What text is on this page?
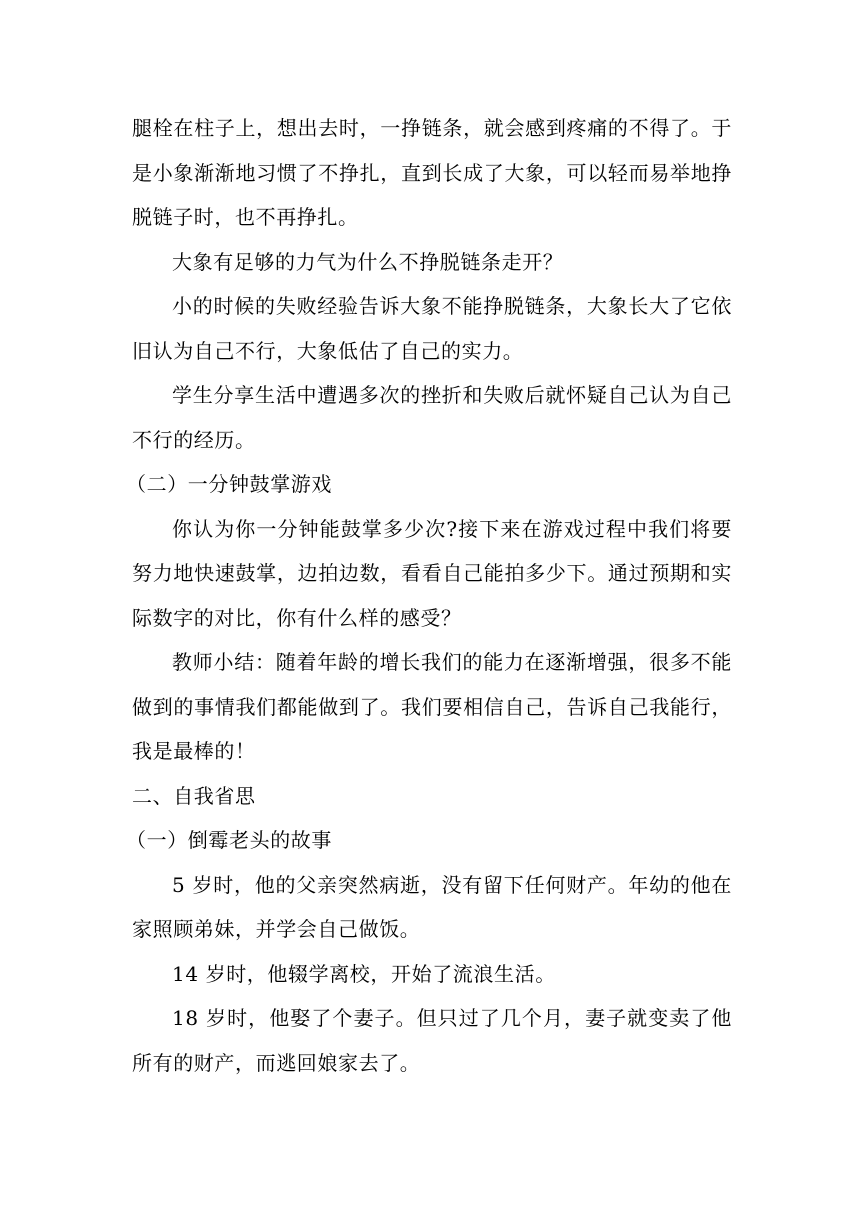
腿栓在柱子上，想出去时，一挣链条，就会感到疼痛的不得了。于是小象渐渐地习惯了不挣扎，直到长成了大象，可以轻而易举地挣脱链子时，也不再挣扎。

大象有足够的力气为什么不挣脱链条走开？

小的时候的失败经验告诉大象不能挣脱链条，大象长大了它依旧认为自己不行，大象低估了自己的实力。

学生分享生活中遭遇多次的挫折和失败后就怀疑自己认为自己不行的经历。

（二）一分钟鼓掌游戏

你认为你一分钟能鼓掌多少次?接下来在游戏过程中我们将要努力地快速鼓掌，边拍边数，看看自己能拍多少下。通过预期和实际数字的对比，你有什么样的感受？

教师小结：随着年龄的增长我们的能力在逐渐增强，很多不能做到的事情我们都能做到了。我们要相信自己，告诉自己我能行，我是最棒的！

二、自我省思

（一）倒霉老头的故事

5 岁时，他的父亲突然病逝，没有留下任何财产。年幼的他在家照顾弟妹，并学会自己做饭。

14 岁时，他辍学离校，开始了流浪生活。

18 岁时，他娶了个妻子。但只过了几个月，妻子就变卖了他所有的财产，而逃回娘家去了。
